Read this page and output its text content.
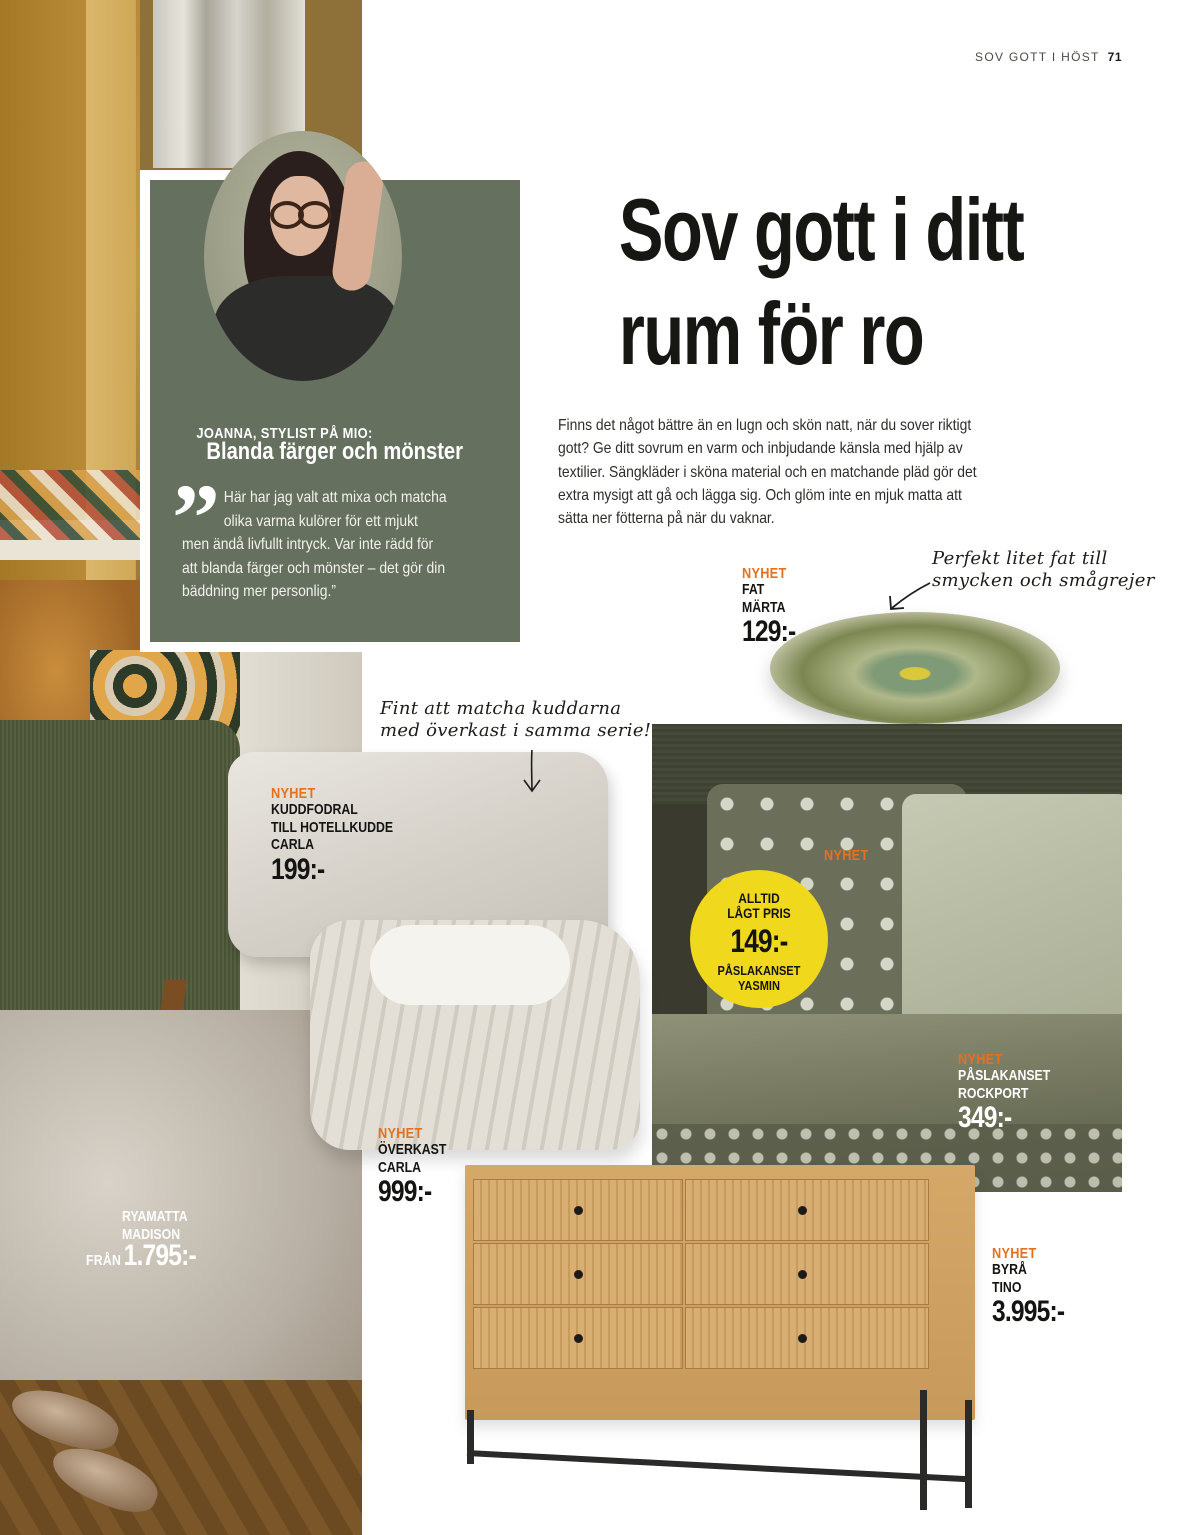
SOV GOTT I HÖST 71
JOANNA, STYLIST PÅ MIO:
Blanda färger och mönster
” Här har jag valt att mixa och matcha
olika varma kulörer för ett mjukt
men ändå livfullt intryck. Var inte rädd för
att blanda färger och mönster – det gör din
bäddning mer personlig.”
Sov gott i ditt
rum för ro
Finns det något bättre än en lugn och skön natt, när du sover riktigt
gott? Ge ditt sovrum en varm och inbjudande känsla med hjälp av
textilier. Sängkläder i sköna material och en matchande pläd gör det
extra mysigt att gå och lägga sig. Och glöm inte en mjuk matta att
sätta ner fötterna på när du vaknar.
Perfekt litet fat till
smycken och smågrejer
NYHET
FAT
MÄRTA
129:-
Fint att matcha kuddarna
med överkast i samma serie!
NYHET
KUDDFODRAL
TILL HOTELLKUDDE
CARLA
199:-	NYHET
ALLTID
LÅGT PRIS
149:-
PÅSLAKANSET
YASMIN
NYHET
PÅSLAKANSET
ROCKPORT
349:-
NYHET
ÖVERKAST
CARLA
999:-
RYAMATTA
MADISON
FRÅN1.795:-	NYHET
BYRÅ
TINO
3.995:-
